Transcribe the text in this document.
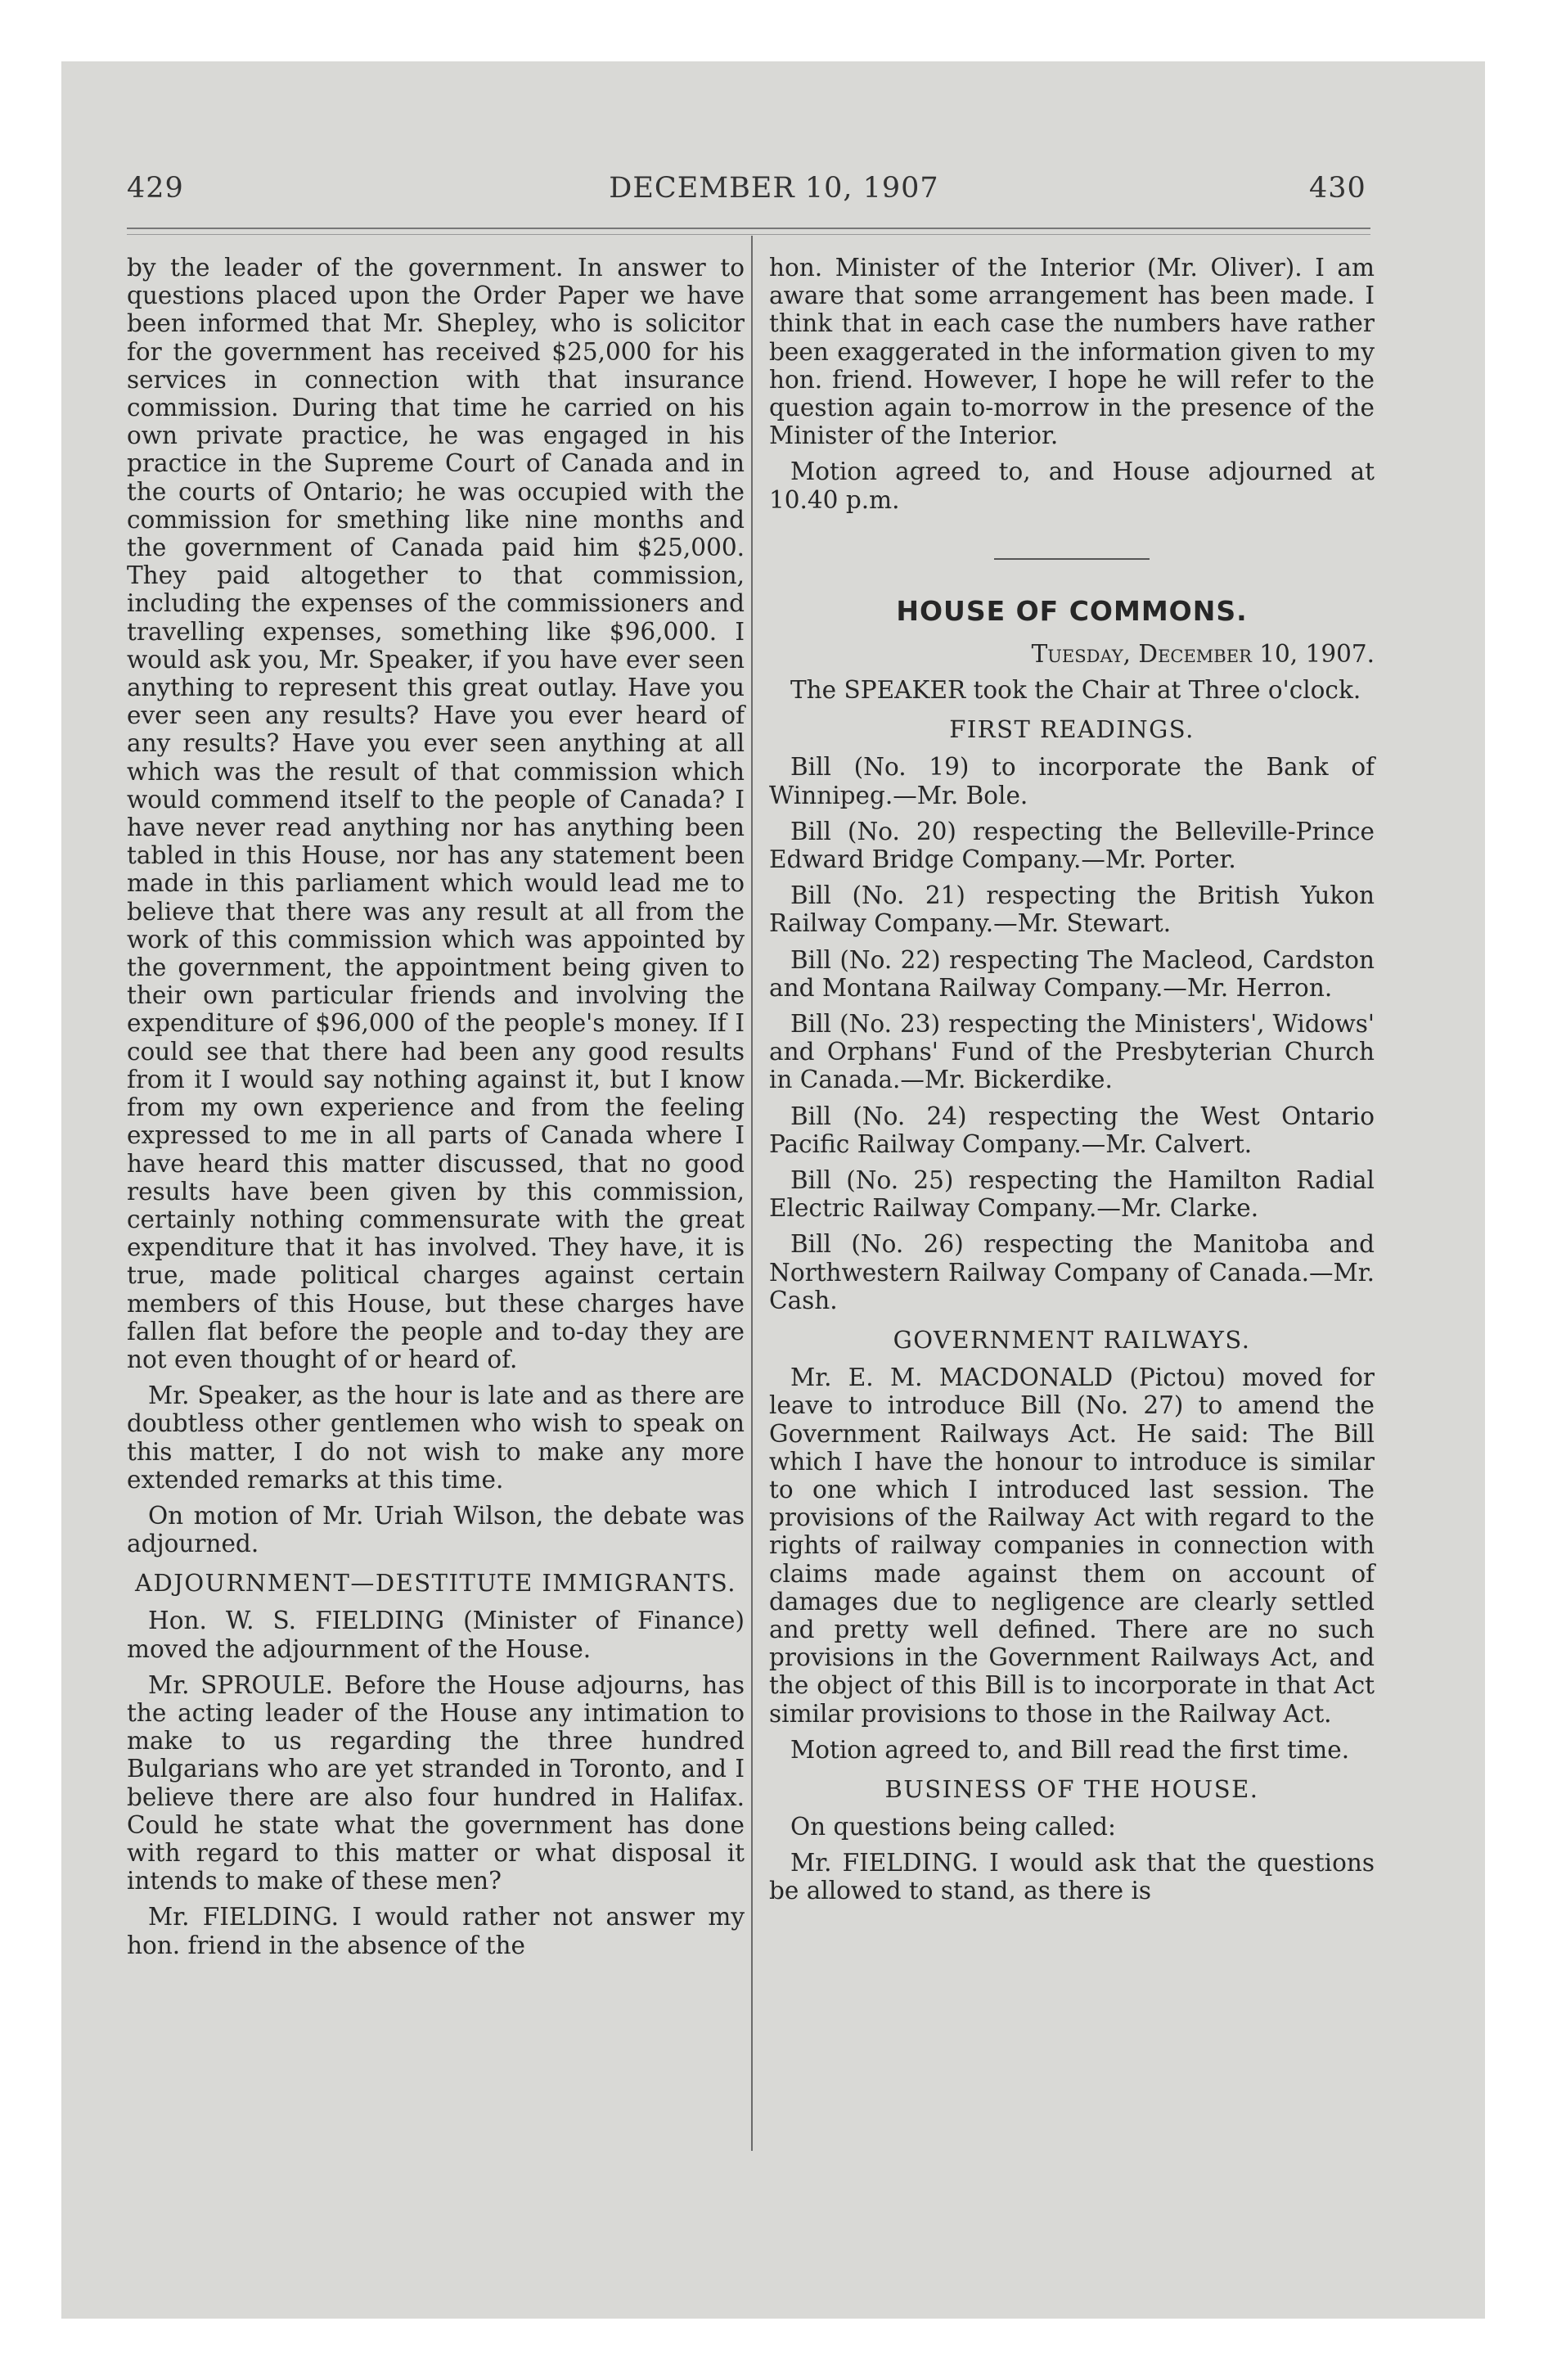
429	DECEMBER 10, 1907	430

by the leader of the government. In answer to questions placed upon the Order Paper we have been informed that Mr. Shepley, who is solicitor for the government has received $25,000 for his services in connection with that insurance commission. During that time he carried on his own private practice, he was engaged in his practice in the Supreme Court of Canada and in the courts of Ontario; he was occupied with the commission for smething like nine months and the government of Canada paid him $25,000. They paid altogether to that commission, including the expenses of the commissioners and travelling expenses, something like $96,000. I would ask you, Mr. Speaker, if you have ever seen anything to represent this great outlay. Have you ever seen any results? Have you ever heard of any results? Have you ever seen anything at all which was the result of that commission which would commend itself to the people of Canada? I have never read anything nor has anything been tabled in this House, nor has any statement been made in this parliament which would lead me to believe that there was any result at all from the work of this commission which was appointed by the government, the appointment being given to their own particular friends and involving the expenditure of $96,000 of the people's money. If I could see that there had been any good results from it I would say nothing against it, but I know from my own experience and from the feeling expressed to me in all parts of Canada where I have heard this matter discussed, that no good results have been given by this commission, certainly nothing commensurate with the great expenditure that it has involved. They have, it is true, made political charges against certain members of this House, but these charges have fallen flat before the people and to-day they are not even thought of or heard of.

Mr. Speaker, as the hour is late and as there are doubtless other gentlemen who wish to speak on this matter, I do not wish to make any more extended remarks at this time.

On motion of Mr. Uriah Wilson, the debate was adjourned.

ADJOURNMENT—DESTITUTE IMMIGRANTS.

Hon. W. S. FIELDING (Minister of Finance) moved the adjournment of the House.

Mr. SPROULE. Before the House adjourns, has the acting leader of the House any intimation to make to us regarding the three hundred Bulgarians who are yet stranded in Toronto, and I believe there are also four hundred in Halifax. Could he state what the government has done with regard to this matter or what disposal it intends to make of these men?

Mr. FIELDING. I would rather not answer my hon. friend in the absence of the

hon. Minister of the Interior (Mr. Oliver). I am aware that some arrangement has been made. I think that in each case the numbers have rather been exaggerated in the information given to my hon. friend. However, I hope he will refer to the question again to-morrow in the presence of the Minister of the Interior.

Motion agreed to, and House adjourned at 10.40 p.m.

HOUSE OF COMMONS.

Tuesday, December 10, 1907.

The SPEAKER took the Chair at Three o'clock.

FIRST READINGS.

Bill (No. 19) to incorporate the Bank of Winnipeg.—Mr. Bole.

Bill (No. 20) respecting the Belleville-Prince Edward Bridge Company.—Mr. Porter.

Bill (No. 21) respecting the British Yukon Railway Company.—Mr. Stewart.

Bill (No. 22) respecting The Macleod, Cardston and Montana Railway Company.—Mr. Herron.

Bill (No. 23) respecting the Ministers', Widows' and Orphans' Fund of the Presbyterian Church in Canada.—Mr. Bickerdike.

Bill (No. 24) respecting the West Ontario Pacific Railway Company.—Mr. Calvert.

Bill (No. 25) respecting the Hamilton Radial Electric Railway Company.—Mr. Clarke.

Bill (No. 26) respecting the Manitoba and Northwestern Railway Company of Canada.—Mr. Cash.

GOVERNMENT RAILWAYS.

Mr. E. M. MACDONALD (Pictou) moved for leave to introduce Bill (No. 27) to amend the Government Railways Act. He said: The Bill which I have the honour to introduce is similar to one which I introduced last session. The provisions of the Railway Act with regard to the rights of railway companies in connection with claims made against them on account of damages due to negligence are clearly settled and pretty well defined. There are no such provisions in the Government Railways Act, and the object of this Bill is to incorporate in that Act similar provisions to those in the Railway Act.

Motion agreed to, and Bill read the first time.

BUSINESS OF THE HOUSE.

On questions being called:

Mr. FIELDING. I would ask that the questions be allowed to stand, as there is
